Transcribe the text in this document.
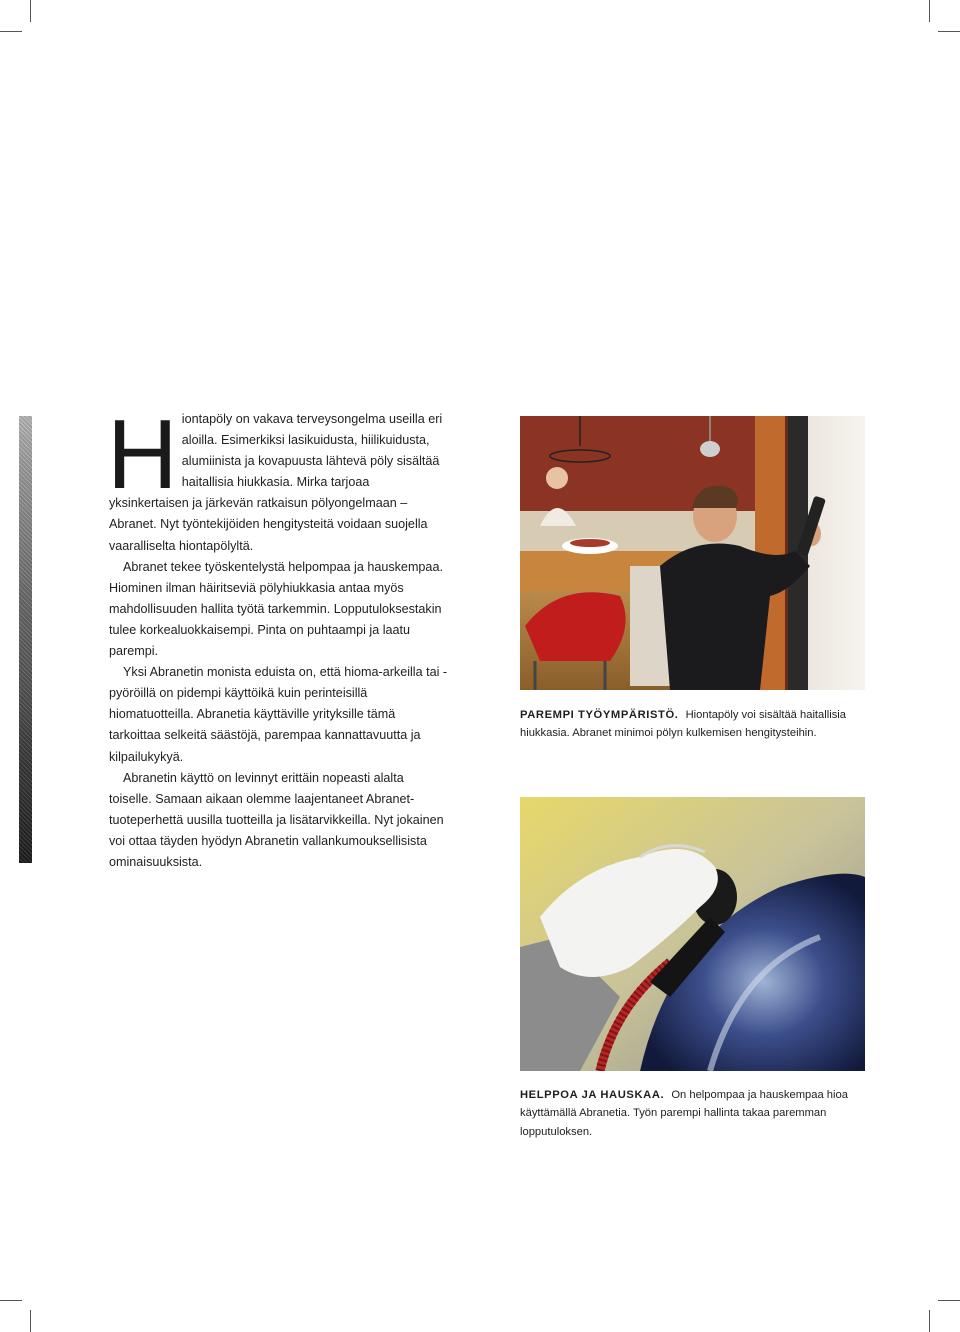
H iontapöly on vakava terveysongelma useilla eri aloilla. Esimerkiksi lasikuidusta, hiilikuidusta, alumiinista ja kovapuusta lähtevä pöly sisältää haitallisia hiukkasia. Mirka tarjoaa yksinkertaisen ja järkevän ratkaisun pölyongelmaan – Abranet. Nyt työntekijöiden hengitysteitä voidaan suojella vaaralliselta hiontapölyltä.

Abranet tekee työskentelystä helpompaa ja hauskempaa. Hiominen ilman häiritseviä pölyhiukkasia antaa myös mahdollisuuden hallita työtä tarkemmin. Lopputuloksestakin tulee korkealuokkaisempi. Pinta on puhtaampi ja laatu parempi.

Yksi Abranetin monista eduista on, että hioma-arkeilla tai -pyöröillä on pidempi käyttöikä kuin perinteisillä hiomatuotteilla. Abranetia käyttäville yrityksille tämä tarkoittaa selkeitä säästöjä, parempaa kannattavuutta ja kilpailukykyä.

Abranetin käyttö on levinnyt erittäin nopeasti alalta toiselle. Samaan aikaan olemme laajentaneet Abranet-tuoteperhettä uusilla tuotteilla ja lisätarvikkeilla. Nyt jokainen voi ottaa täyden hyödyn Abranetin vallankumouksellisista ominaisuuksista.

PAREMPI TYÖYMPÄRISTÖ. Hiontapöly voi sisältää haitallisia hiukkasia. Abranet minimoi pölyn kulkemisen hengitysteihin.
HELPPOA JA HAUSKAA. On helpompaa ja hauskempaa hioa käyttämällä Abranetia. Työn parempi hallinta takaa paremman lopputuloksen.
